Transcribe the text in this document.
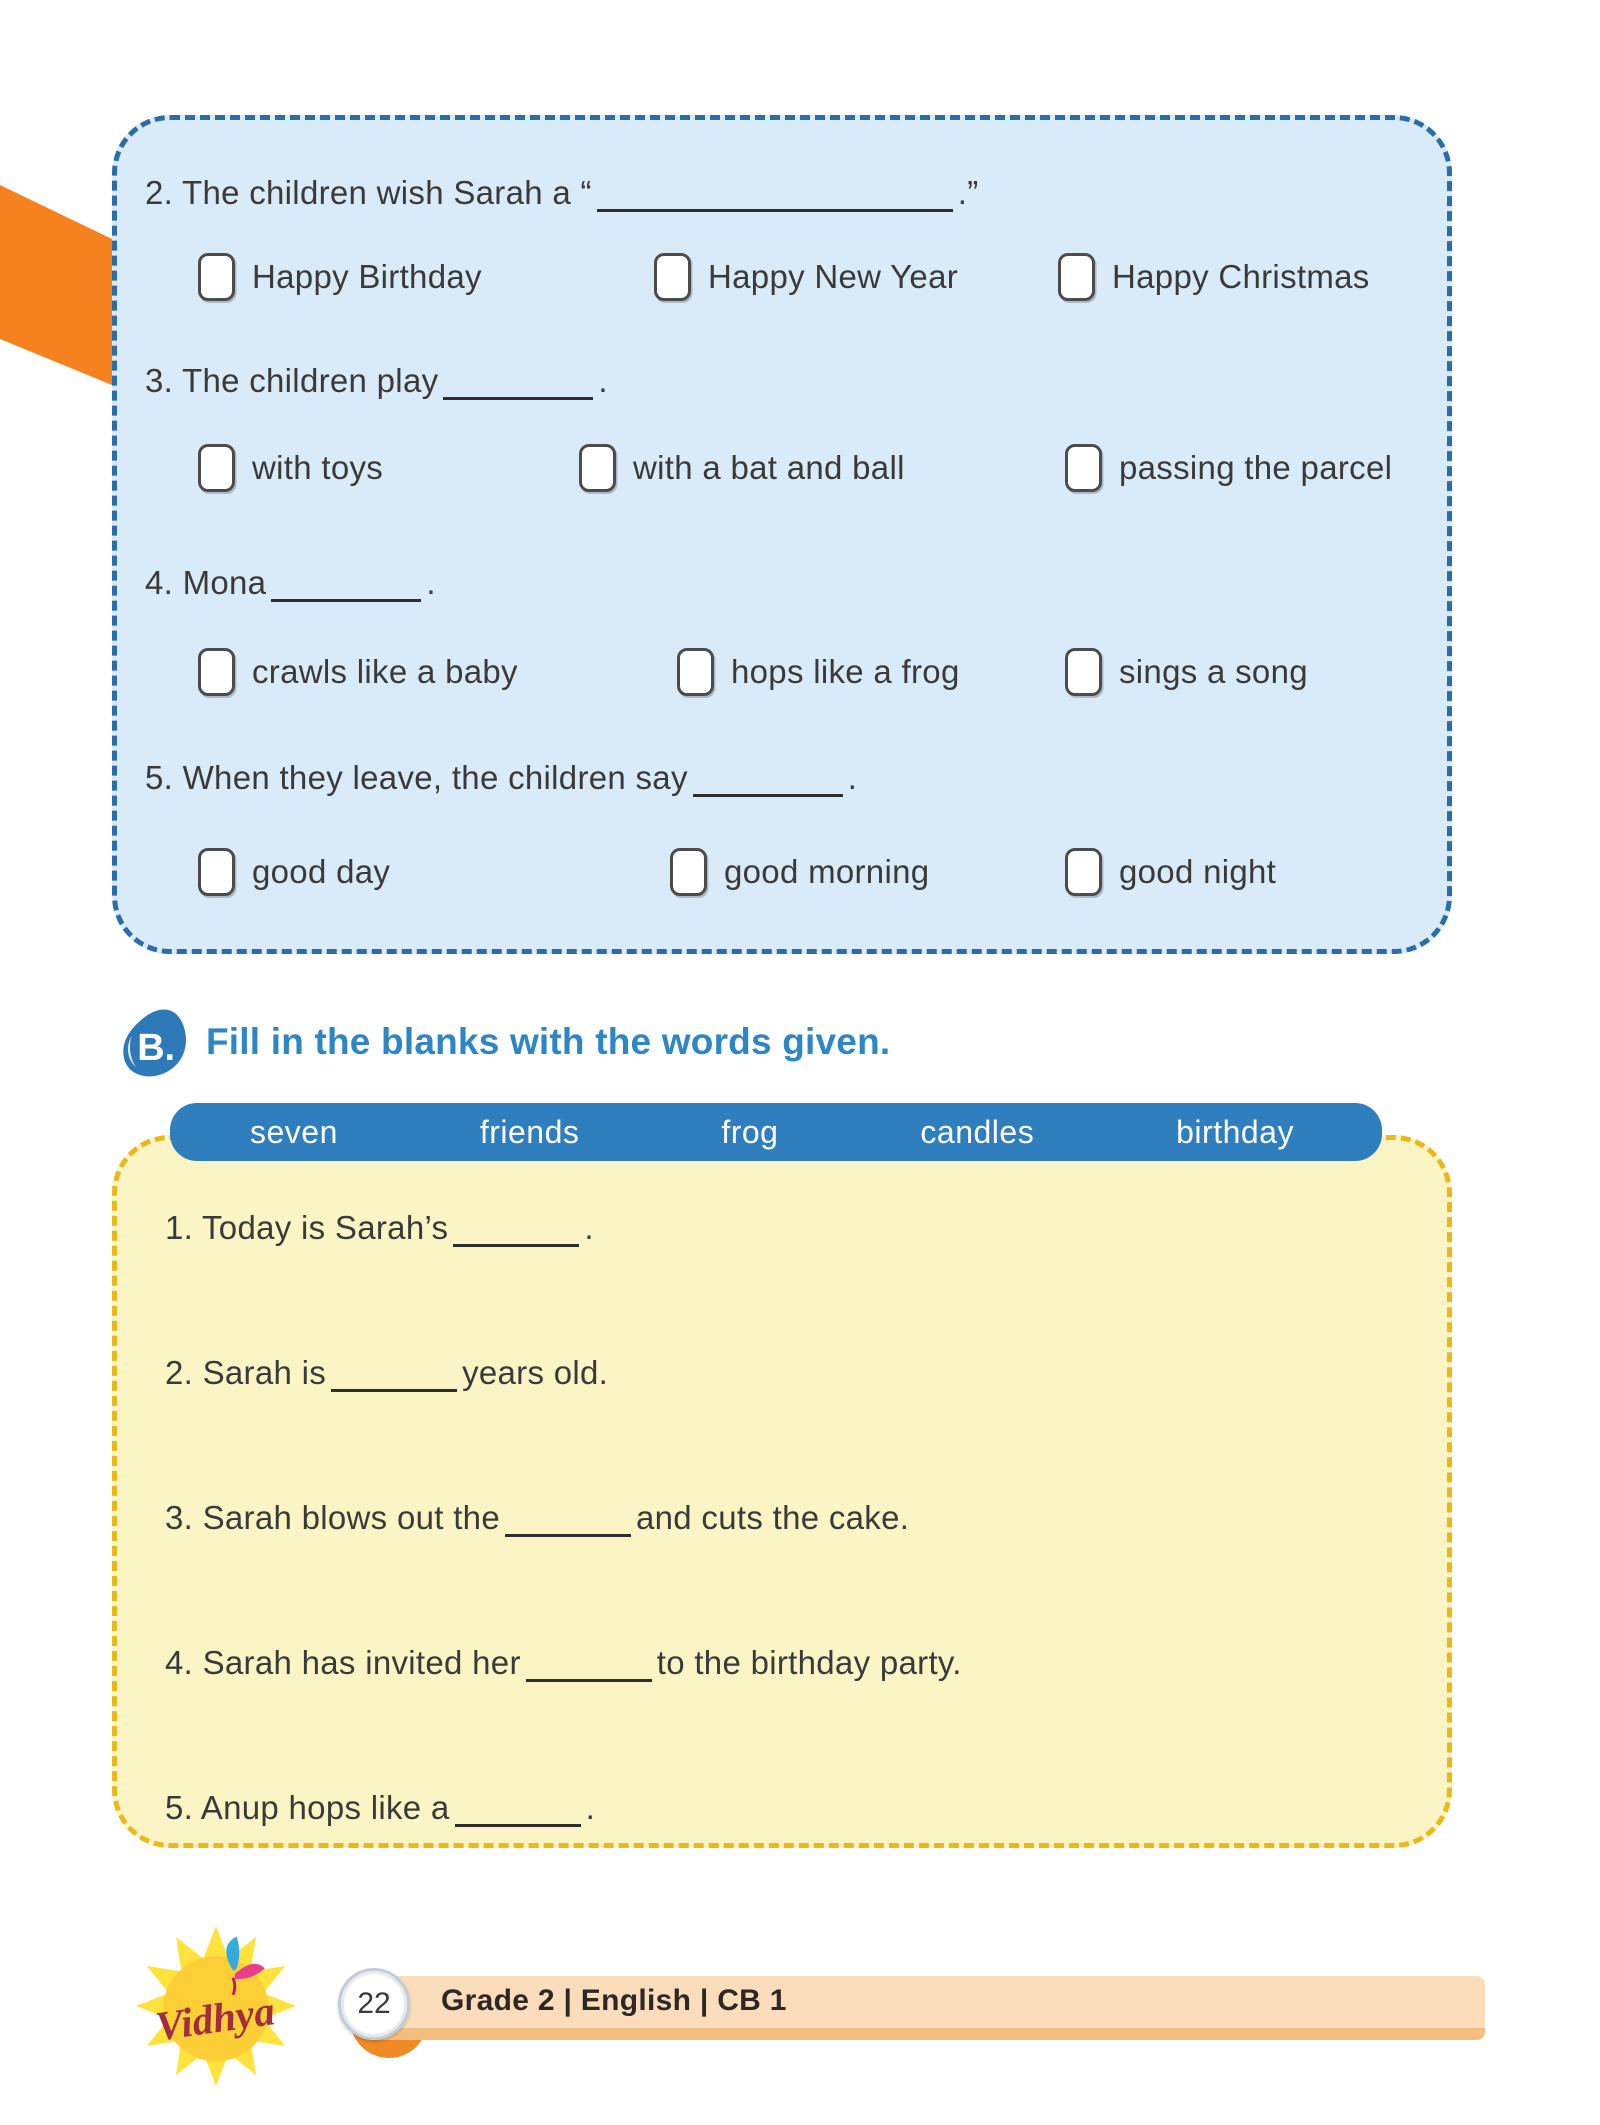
2. The children wish Sarah a “	.”
Happy Birthday	Happy New Year	Happy Christmas
3. The children play	.
with toys	with a bat and ball	passing the parcel
4. Mona	.
crawls like a baby	hops like a frog	sings a song
5. When they leave, the children say	.
good day	good morning	good night
B. Fill in the blanks with the words given.
seven	friends	frog	candles	birthday
1. Today is Sarah’s	.
2. Sarah is	years old.
3. Sarah blows out the	and cuts the cake.
4. Sarah has invited her	to the birthday party.
5. Anup hops like a	.
Vidhya	Grade 2 | English | CB 1
22
